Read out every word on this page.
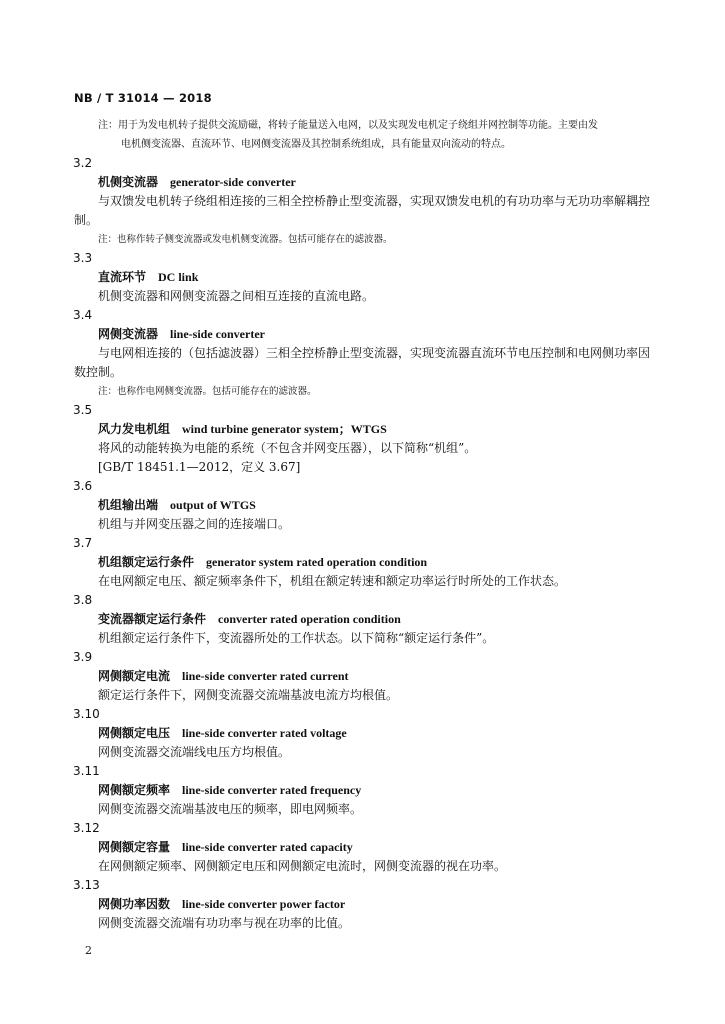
NB / T 31014 — 2018
注：用于为发电机转子提供交流励磁，将转子能量送入电网，以及实现发电机定子绕组并网控制等功能。主要由发
电机侧变流器、直流环节、电网侧变流器及其控制系统组成，具有能量双向流动的特点。
3.2
机侧变流器 generator-side converter
与双馈发电机转子绕组相连接的三相全控桥静止型变流器，实现双馈发电机的有功功率与无功功率解耦控制。
注：也称作转子侧变流器或发电机侧变流器。包括可能存在的滤波器。
3.3
直流环节 DC link
机侧变流器和网侧变流器之间相互连接的直流电路。
3.4
网侧变流器 line-side converter
与电网相连接的（包括滤波器）三相全控桥静止型变流器，实现变流器直流环节电压控制和电网侧功率因数控制。
注：也称作电网侧变流器。包括可能存在的滤波器。
3.5
风力发电机组 wind turbine generator system；WTGS
将风的动能转换为电能的系统（不包含并网变压器），以下简称“机组”。
[GB/T 18451.1—2012，定义 3.67]
3.6
机组输出端 output of WTGS
机组与并网变压器之间的连接端口。
3.7
机组额定运行条件 generator system rated operation condition
在电网额定电压、额定频率条件下，机组在额定转速和额定功率运行时所处的工作状态。
3.8
变流器额定运行条件 converter rated operation condition
机组额定运行条件下，变流器所处的工作状态。以下简称“额定运行条件”。
3.9
网侧额定电流 line-side converter rated current
额定运行条件下，网侧变流器交流端基波电流方均根值。
3.10
网侧额定电压 line-side converter rated voltage
网侧变流器交流端线电压方均根值。
3.11
网侧额定频率 line-side converter rated frequency
网侧变流器交流端基波电压的频率，即电网频率。
3.12
网侧额定容量 line-side converter rated capacity
在网侧额定频率、网侧额定电压和网侧额定电流时，网侧变流器的视在功率。
3.13
网侧功率因数 line-side converter power factor
网侧变流器交流端有功功率与视在功率的比值。
2
